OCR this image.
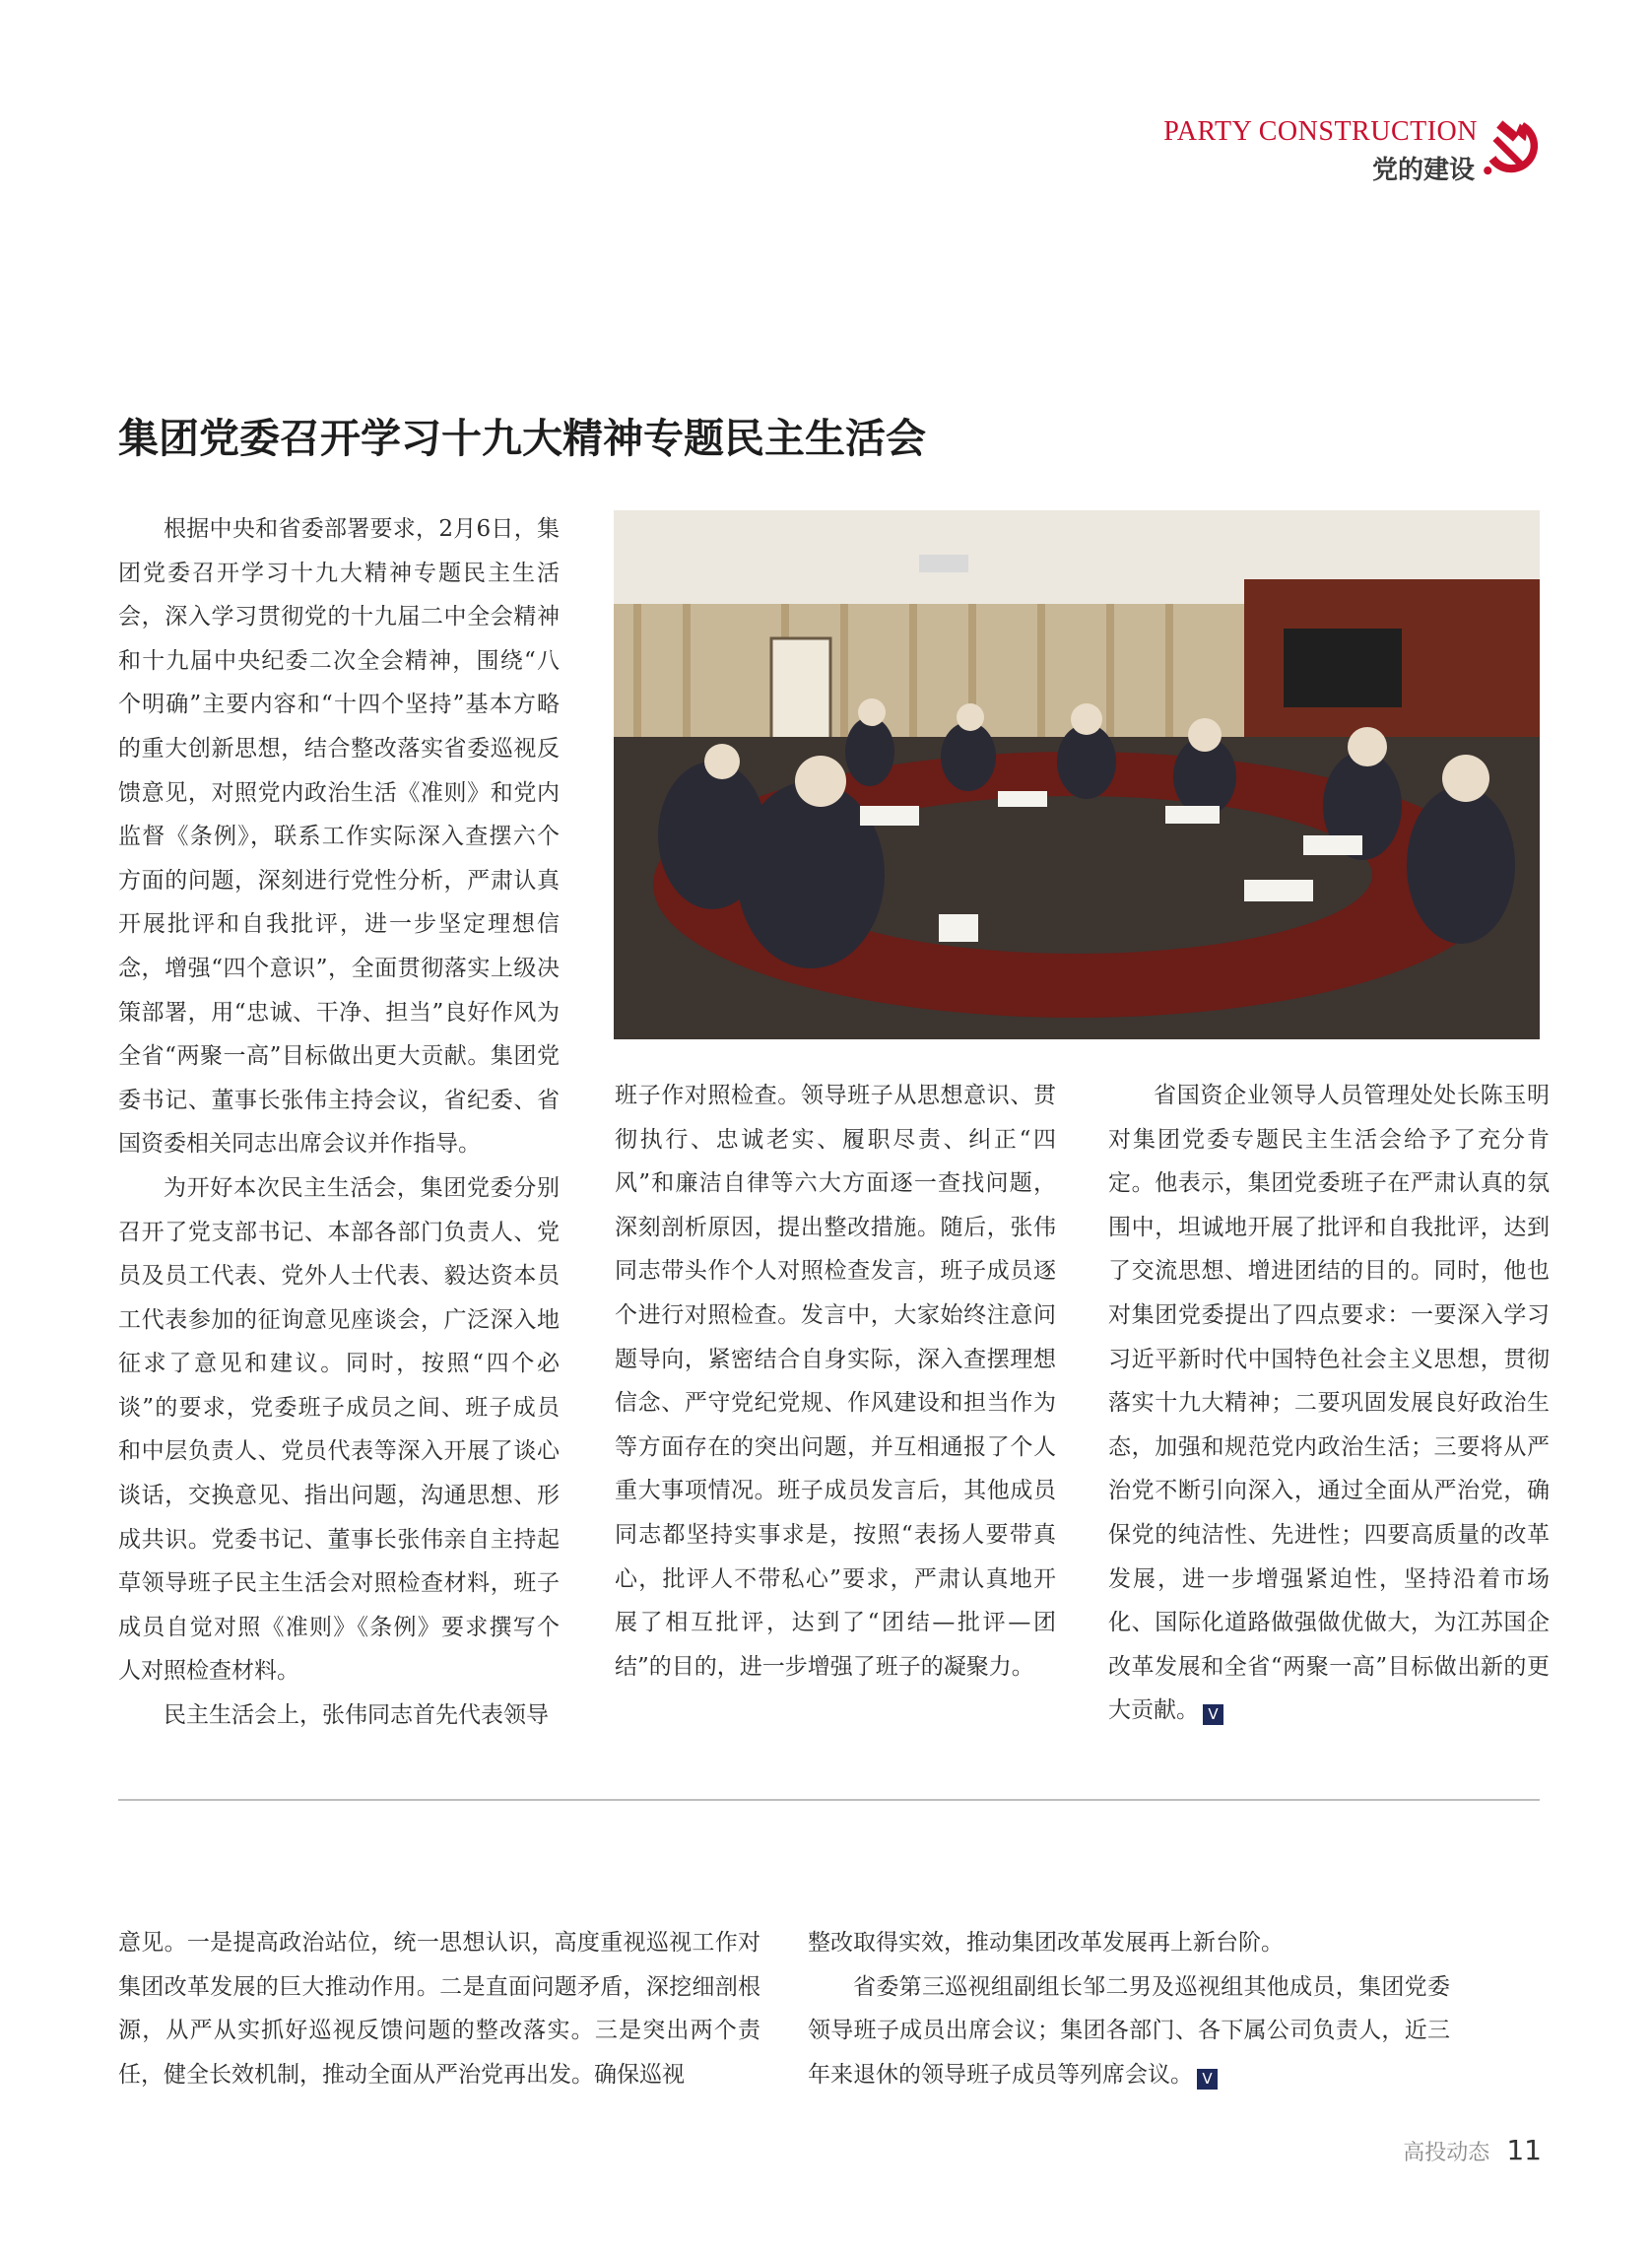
PARTY CONSTRUCTION
党的建设
集团党委召开学习十九大精神专题民主生活会

根据中央和省委部署要求，2月6日，集团党委召开学习十九大精神专题民主生活会，深入学习贯彻党的十九届二中全会精神和十九届中央纪委二次全会精神，围绕“八个明确”主要内容和“十四个坚持”基本方略的重大创新思想，结合整改落实省委巡视反馈意见，对照党内政治生活《准则》和党内监督《条例》，联系工作实际深入查摆六个方面的问题，深刻进行党性分析，严肃认真开展批评和自我批评，进一步坚定理想信念，增强“四个意识”，全面贯彻落实上级决策部署，用“忠诚、干净、担当”良好作风为全省“两聚一高”目标做出更大贡献。集团党委书记、董事长张伟主持会议，省纪委、省国资委相关同志出席会议并作指导。

为开好本次民主生活会，集团党委分别召开了党支部书记、本部各部门负责人、党员及员工代表、党外人士代表、毅达资本员工代表参加的征询意见座谈会，广泛深入地征求了意见和建议。同时，按照“四个必谈”的要求，党委班子成员之间、班子成员和中层负责人、党员代表等深入开展了谈心谈话，交换意见、指出问题，沟通思想、形成共识。党委书记、董事长张伟亲自主持起草领导班子民主生活会对照检查材料，班子成员自觉对照《准则》《条例》要求撰写个人对照检查材料。

民主生活会上，张伟同志首先代表领导

班子作对照检查。领导班子从思想意识、贯彻执行、忠诚老实、履职尽责、纠正“四风”和廉洁自律等六大方面逐一查找问题，深刻剖析原因，提出整改措施。随后，张伟同志带头作个人对照检查发言，班子成员逐个进行对照检查。发言中，大家始终注意问题导向，紧密结合自身实际，深入查摆理想信念、严守党纪党规、作风建设和担当作为等方面存在的突出问题，并互相通报了个人重大事项情况。班子成员发言后，其他成员同志都坚持实事求是，按照“表扬人要带真心，批评人不带私心”要求，严肃认真地开展了相互批评，达到了“团结—批评—团结”的目的，进一步增强了班子的凝聚力。

省国资企业领导人员管理处处长陈玉明对集团党委专题民主生活会给予了充分肯定。他表示，集团党委班子在严肃认真的氛围中，坦诚地开展了批评和自我批评，达到了交流思想、增进团结的目的。同时，他也对集团党委提出了四点要求：一要深入学习习近平新时代中国特色社会主义思想，贯彻落实十九大精神；二要巩固发展良好政治生态，加强和规范党内政治生活；三要将从严治党不断引向深入，通过全面从严治党，确保党的纯洁性、先进性；四要高质量的改革发展，进一步增强紧迫性，坚持沿着市场化、国际化道路做强做优做大，为江苏国企改革发展和全省“两聚一高”目标做出新的更大贡献。 V

意见。一是提高政治站位，统一思想认识，高度重视巡视工作对集团改革发展的巨大推动作用。二是直面问题矛盾，深挖细剖根源，从严从实抓好巡视反馈问题的整改落实。三是突出两个责任，健全长效机制，推动全面从严治党再出发。确保巡视

整改取得实效，推动集团改革发展再上新台阶。

省委第三巡视组副组长邹二男及巡视组其他成员，集团党委领导班子成员出席会议；集团各部门、各下属公司负责人，近三年来退休的领导班子成员等列席会议。 V

高投动态 11
